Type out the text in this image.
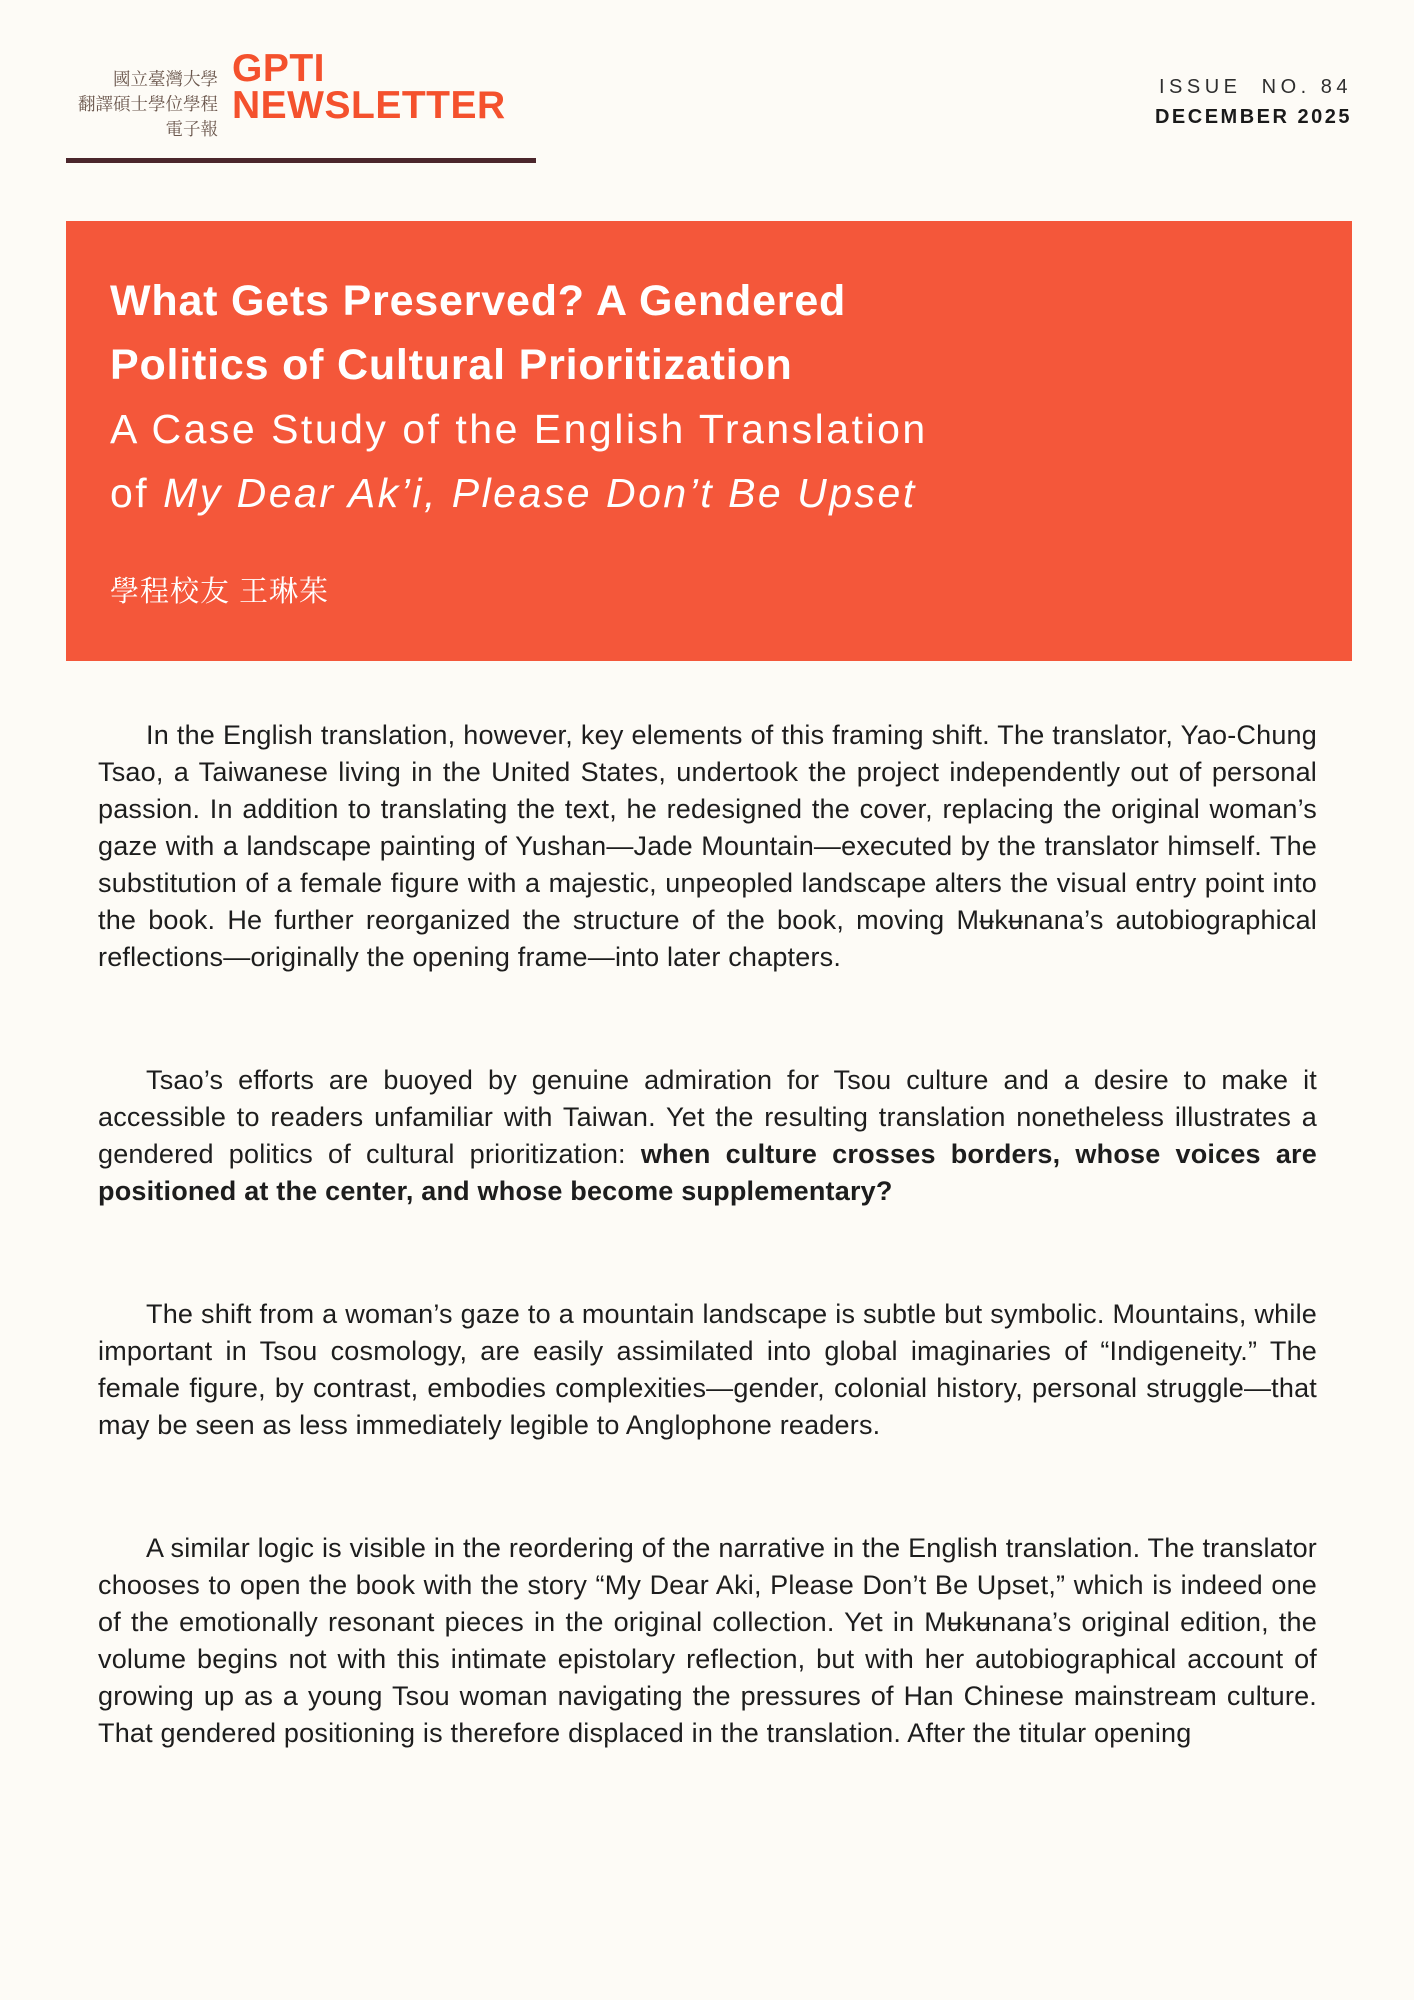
國立臺灣大學
翻譯碩士學位學程
電子報
GPTI
NEWSLETTER	ISSUE  NO. 84
DECEMBER 2025
What Gets Preserved? A Gendered
Politics of Cultural Prioritization
A Case Study of the English Translation
of My Dear Ak’i, Please Don’t Be Upset
學程校友 王琳茱

In the English translation, however, key elements of this framing shift. The translator, Yao-Chung Tsao, a Taiwanese living in the United States, undertook the project independently out of personal passion. In addition to translating the text, he redesigned the cover, replacing the original woman’s gaze with a landscape painting of Yushan—Jade Mountain—executed by the translator himself. The substitution of a female figure with a majestic, unpeopled landscape alters the visual entry point into the book. He further reorganized the structure of the book, moving Mʉkʉnana’s autobiographical reflections—originally the opening frame—into later chapters.

Tsao’s efforts are buoyed by genuine admiration for Tsou culture and a desire to make it accessible to readers unfamiliar with Taiwan. Yet the resulting translation nonetheless illustrates a gendered politics of cultural prioritization: when culture crosses borders, whose voices are positioned at the center, and whose become supplementary?

The shift from a woman’s gaze to a mountain landscape is subtle but symbolic. Mountains, while important in Tsou cosmology, are easily assimilated into global imaginaries of “Indigeneity.” The female figure, by contrast, embodies complexities—gender, colonial history, personal struggle—that may be seen as less immediately legible to Anglophone readers.

A similar logic is visible in the reordering of the narrative in the English translation. The translator chooses to open the book with the story “My Dear Aki, Please Don’t Be Upset,” which is indeed one of the emotionally resonant pieces in the original collection. Yet in Mʉkʉnana’s original edition, the volume begins not with this intimate epistolary reflection, but with her autobiographical account of growing up as a young Tsou woman navigating the pressures of Han Chinese mainstream culture. That gendered positioning is therefore displaced in the translation. After the titular opening
